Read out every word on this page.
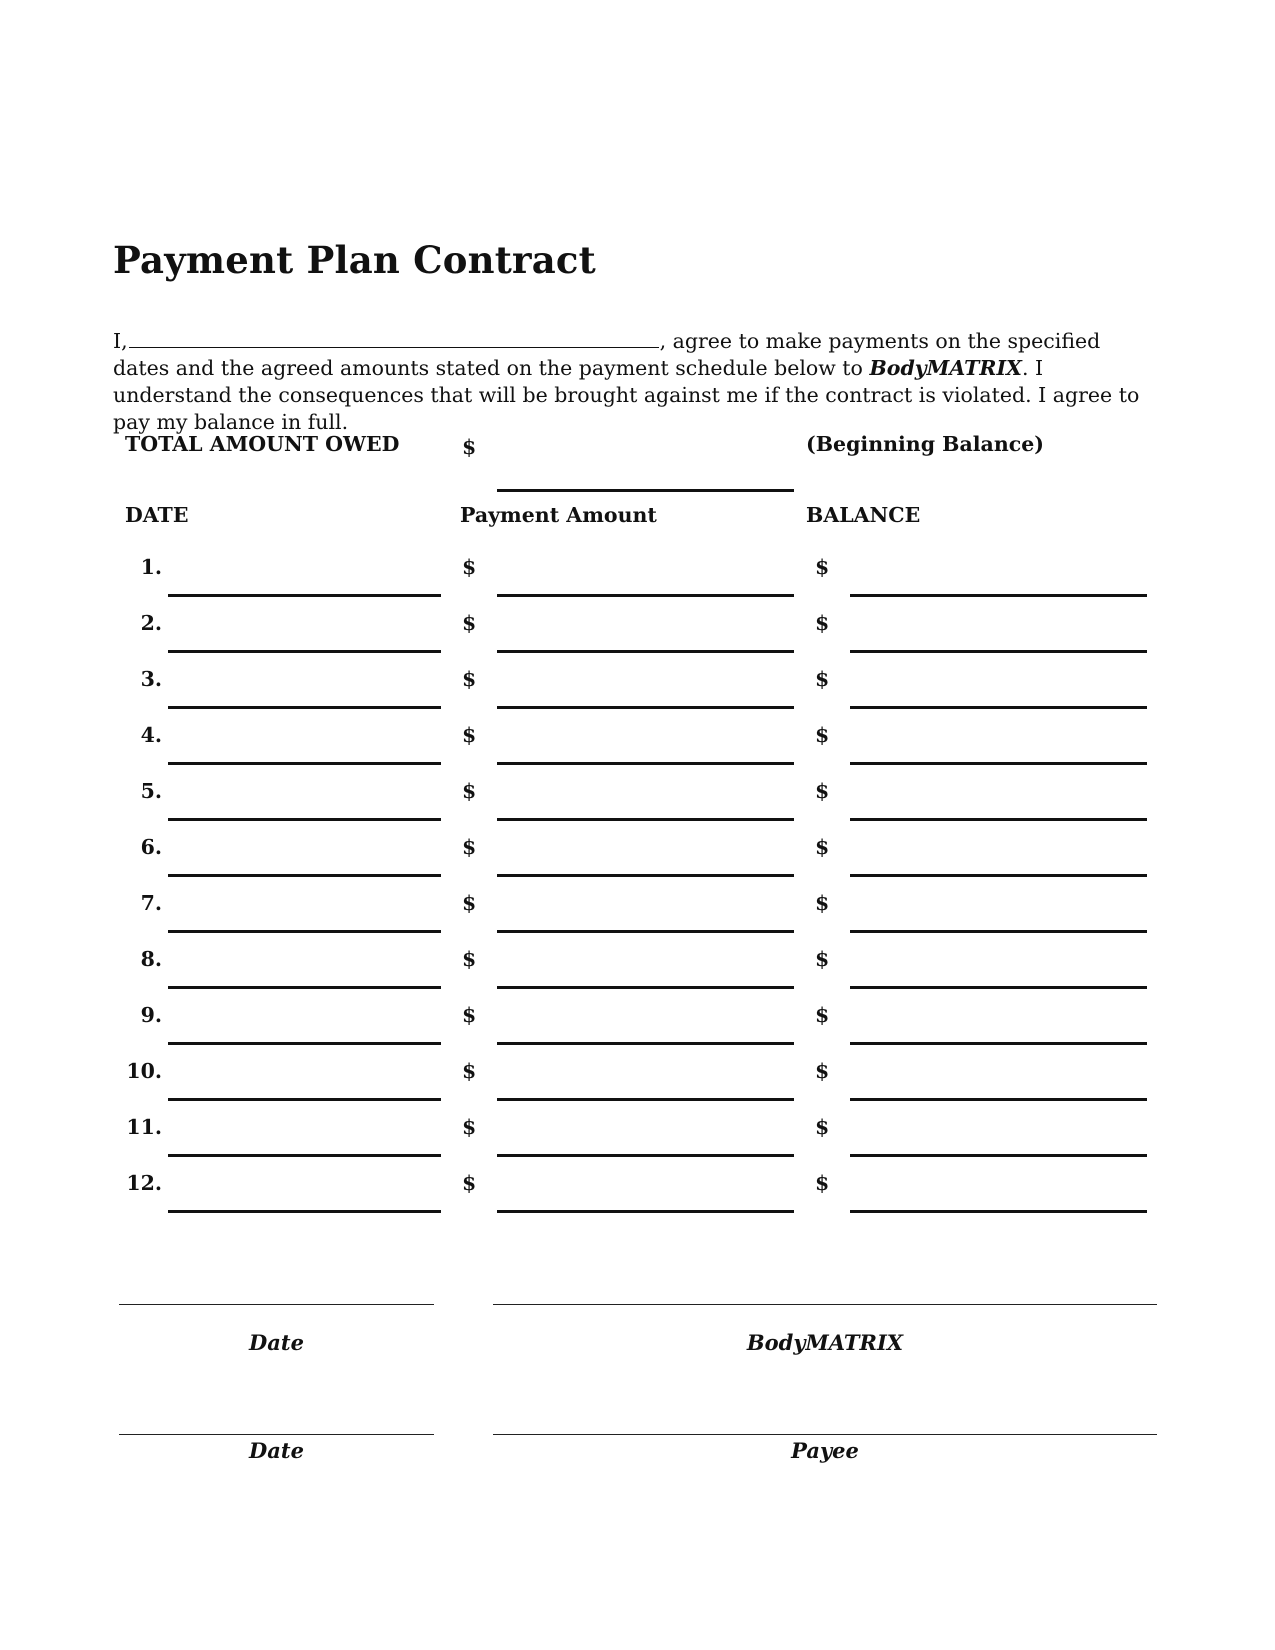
Payment Plan Contract
I,	, agree to make payments on the specified dates and the agreed amounts stated on the payment schedule below to BodyMATRIX. I understand the consequences that will be brought against me if the contract is violated. I agree to pay my balance in full.
TOTAL AMOUNT OWED	$	(Beginning Balance)
DATE	Payment Amount	BALANCE
1.	$	$
2.	$	$
3.	$	$
4.	$	$
5.	$	$
6.	$	$
7.	$	$
8.	$	$
9.	$	$
10.	$	$
11.	$	$
12.	$	$
Date	BodyMATRIX
Date	Payee
